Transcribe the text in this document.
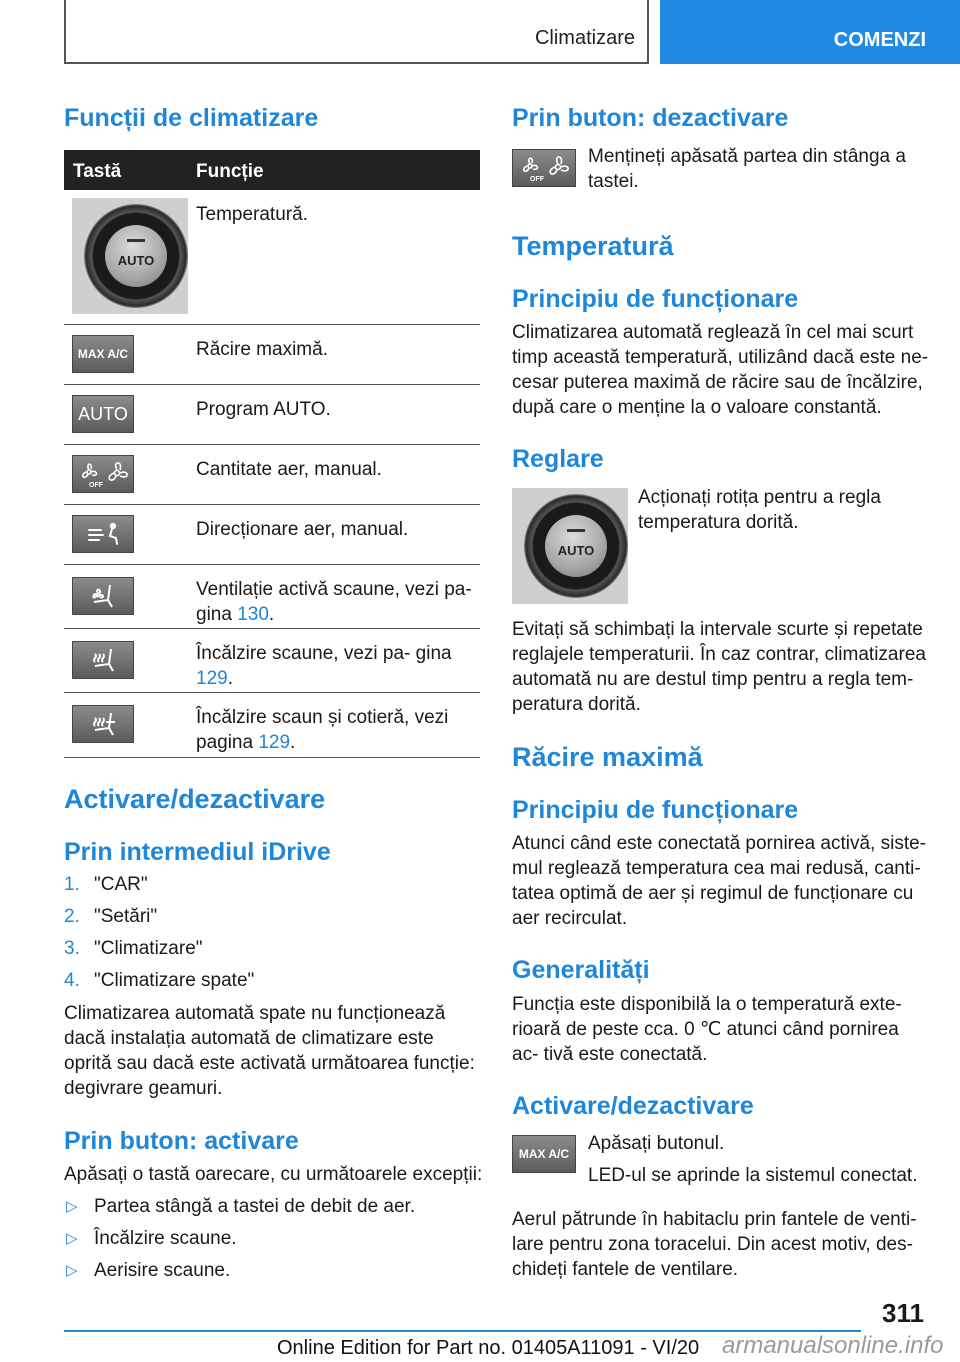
Climatizare	COMENZI
Funcții de climatizare
Tastă	Funcție
AUTO
Temperatură.
MAX A/C	Răcire maximă.
AUTO	Program AUTO.
OFF
Cantitate aer, manual.
Direcționare aer, manual.
Ventilație activă scaune, vezi pa‐ gina 130.
Încălzire scaune, vezi pa‐ gina 129.
Încălzire scaun și cotieră, vezi pagina 129.
Activare/dezactivare
Prin intermediul iDrive
1. "CAR"
2. "Setări"
3. "Climatizare"
4. "Climatizare spate"
Climatizarea automată spate nu funcționează dacă instalația automată de climatizare este oprită sau dacă este activată următoarea funcție: degivrare geamuri.
Prin buton: activare
Apăsați o tastă oarecare, cu următoarele excepții:
▷ Partea stângă a tastei de debit de aer.
▷ Încălzire scaune.
▷ Aerisire scaune.
Prin buton: dezactivare
OFF
Mențineți apăsată partea din stânga a tastei.
Temperatură
Principiu de funcționare
Climatizarea automată reglează în cel mai scurt timp această temperatură, utilizând dacă este ne‐ cesar puterea maximă de răcire sau de încălzire, după care o menține la o valoare constantă.
Reglare
AUTO
Acționați rotița pentru a regla temperatura dorită.
Evitați să schimbați la intervale scurte și repetate reglajele temperaturii. În caz contrar, climatizarea automată nu are destul timp pentru a regla tem‐ peratura dorită.
Răcire maximă
Principiu de funcționare
Atunci când este conectată pornirea activă, siste‐ mul reglează temperatura cea mai redusă, canti‐ tatea optimă de aer și regimul de funcționare cu aer recirculat.
Generalități
Funcția este disponibilă la o temperatură exte‐ rioară de peste cca. 0 ℃ atunci când pornirea ac‐ tivă este conectată.
Activare/dezactivare
MAX A/C Apăsați butonul.
LED-ul se aprinde la sistemul conectat.
Aerul pătrunde în habitaclu prin fantele de venti‐ lare pentru zona toracelui. Din acest motiv, des‐ chideți fantele de ventilare.
311
Online Edition for Part no. 01405A11091 - VI/20 armanualsonline.info
